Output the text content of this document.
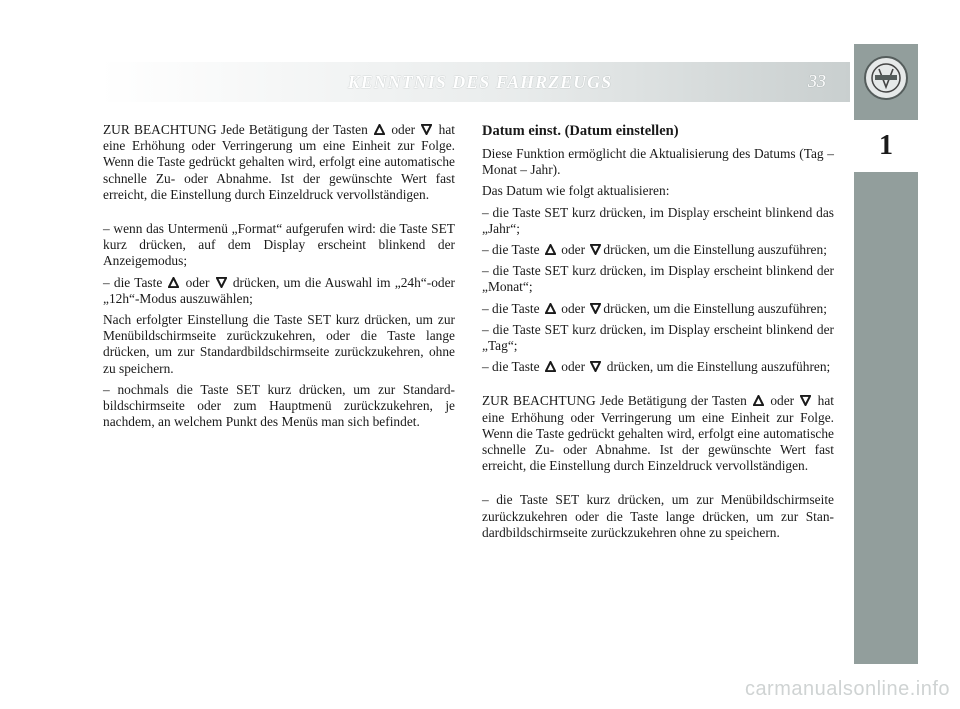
KENNTNIS DES FAHRZEUGS	33
1

ZUR BEACHTUNG Jede Betätigung der Tasten  oder  hat eine Erhöhung oder Verringerung um eine Einheit zur Folge. Wenn die Taste gedrückt gehalten wird, erfolgt eine automatische schnelle Zu- oder Abnahme. Ist der gewünschte Wert fast erreicht, die Einstellung durch Einzeldruck vervollständigen.

– wenn das Untermenü „Format“ aufgerufen wird: die Taste SET kurz drücken, auf dem Display erscheint blinkend der Anzeigemodus;

– die Taste  oder  drücken, um die Auswahl im „24h“-oder „12h“-Modus auszuwählen;

Nach erfolgter Einstellung die Taste SET kurz drücken, um zur Menübildschirmseite zurückzukehren, oder die Taste lange drücken, um zur Standardbildschirmseite zurückzukehren, ohne zu speichern.

– nochmals die Taste SET kurz drücken, um zur Standardbildschirmseite oder zum Hauptmenü zurückzukehren, je nachdem, an welchem Punkt des Menüs man sich befindet.

Datum einst. (Datum einstellen)

Diese Funktion ermöglicht die Aktualisierung des Datums (Tag – Monat – Jahr).

Das Datum wie folgt aktualisieren:

– die Taste SET kurz drücken, im Display erscheint blinkend das „Jahr“;

– die Taste  oder drücken, um die Einstellung auszuführen;

– die Taste SET kurz drücken, im Display erscheint blinkend der „Monat“;

– die Taste  oder drücken, um die Einstellung auszuführen;

– die Taste SET kurz drücken, im Display erscheint blinkend der „Tag“;

– die Taste  oder  drücken, um die Einstellung auszuführen;

ZUR BEACHTUNG Jede Betätigung der Tasten  oder  hat eine Erhöhung oder Verringerung um eine Einheit zur Folge. Wenn die Taste gedrückt gehalten wird, erfolgt eine automatische schnelle Zu- oder Abnahme. Ist der gewünschte Wert fast erreicht, die Einstellung durch Einzeldruck vervollständigen.

– die Taste SET kurz drücken, um zur Menübildschirmseite zurückzukehren oder die Taste lange drücken, um zur Standardbildschirmseite zurückzukehren ohne zu speichern.

carmanualsonline.info
